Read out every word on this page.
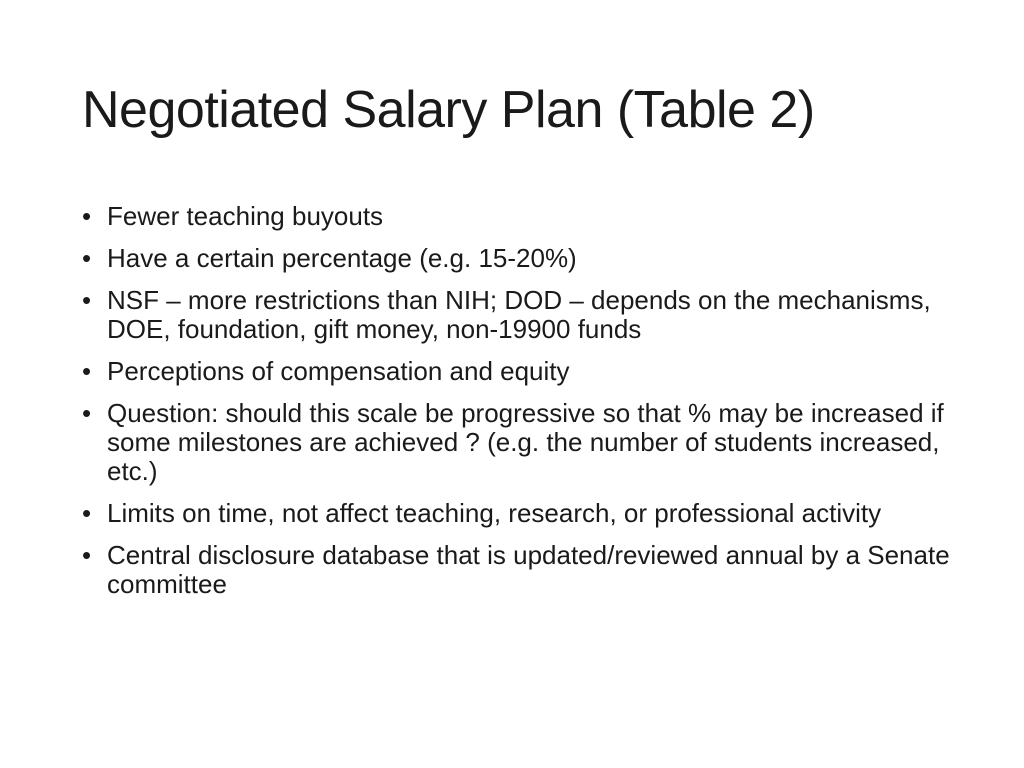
Negotiated Salary Plan (Table 2)
• Fewer teaching buyouts
• Have a certain percentage (e.g. 15-20%)
• NSF – more restrictions than NIH; DOD – depends on the mechanisms, DOE, foundation, gift money, non-19900 funds
• Perceptions of compensation and equity
• Question: should this scale be progressive so that % may be increased if some milestones are achieved ? (e.g. the number of students increased, etc.)
• Limits on time, not affect teaching, research, or professional activity
• Central disclosure database that is updated/reviewed annual by a Senate committee
